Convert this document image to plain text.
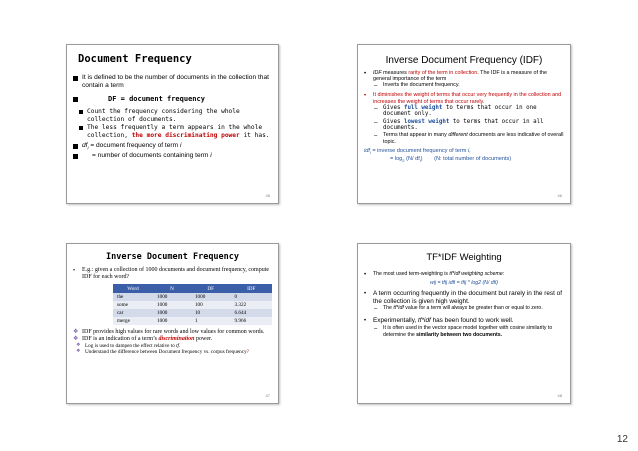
Document Frequency
It is defined to be the number of documents in the collection that contain a term
DF = document frequency
Count the frequency considering the whole collection of documents.
The less frequently a term appears in the whole collection, the more discriminating power it has.
$df_i$ = document frequency of term i
= number of documents containing term i
45
Inverse Document Frequency (IDF)
•	IDF measures rarity of the term in collection. The IDF is a measure of the general importance of the term
–	Inverts the document frequency.
•	It diminishes the weight of terms that occur very frequently in the collection and increases the weight of terms that occur rarely.
– Gives full weight to terms that occur in one document only.
– Gives lowest weight to terms that occur in all documents.
–	Terms that appear in many different documents are less indicative of overall topic.
idf$_i$ = inverse document frequency of term i,
= $\log_2 (N/$ $df_i$) (N: total number of documents)
46
Inverse Document Frequency
•	E.g.: given a collection of 1000 documents and document frequency, compute IDF for each word?
Word	N	DF	IDF
the	1000	1000	0
some	1000	100	3.322
car	1000	10	6.644
merge	1000	1	9.966
❖ IDF provides high values for rare words and low values for common words.
❖ IDF is an indication of a term’s discrimination power.
❖ Log is used to dampen the effect relative to tf.
❖ Understand the difference between Document frequency vs. corpus frequency?
47
TF*IDF Weighting
•	The most used term-weighting is tf*idf weighting scheme:
wij = tfij idfi = tfij * log2 (N/ dfi)
•	A term occurring frequently in the document but rarely in the rest of the collection is given high weight.
–	The tf*idf value for a term will always be greater than or equal to zero.
•	Experimentally, tf*idf has been found to work well.
–	It is often used in the vector space model together with cosine similarity to determine the similarity between two documents.
48
12
